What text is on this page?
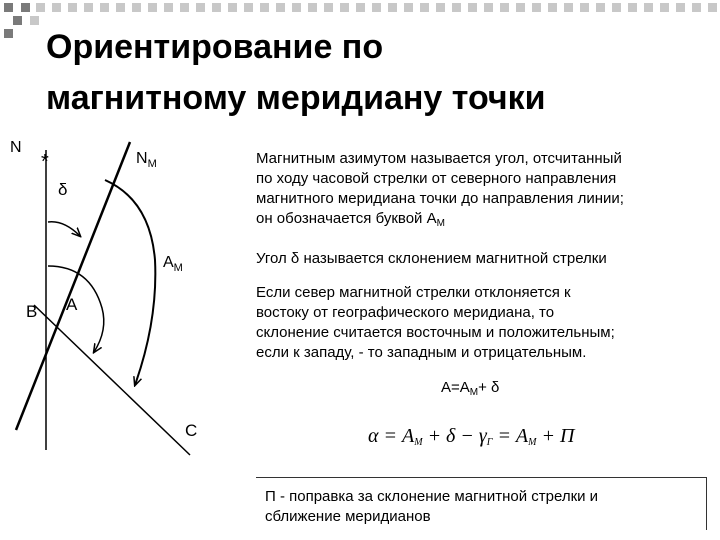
Ориентирование по
магнитному меридиану точки
*
N
$N_M$
δ
$A_M$
B A
C

Магнитным азимутом называется угол, отсчитанный
по ходу часовой стрелки от северного направления
магнитного меридиана точки до направления линии;
он обозначается буквой $А_М$

Угол δ называется склонением магнитной стрелки

Если север магнитной стрелки отклоняется к
востоку от географического меридиана, то
склонение считается восточным и положительным;
если к западу, - то западным и отрицательным.

$А=А_М+ \delta$
$\alpha = A_M + \delta - \gamma_Г = A_M + П$
П - поправка за склонение магнитной стрелки и
сближение меридианов
